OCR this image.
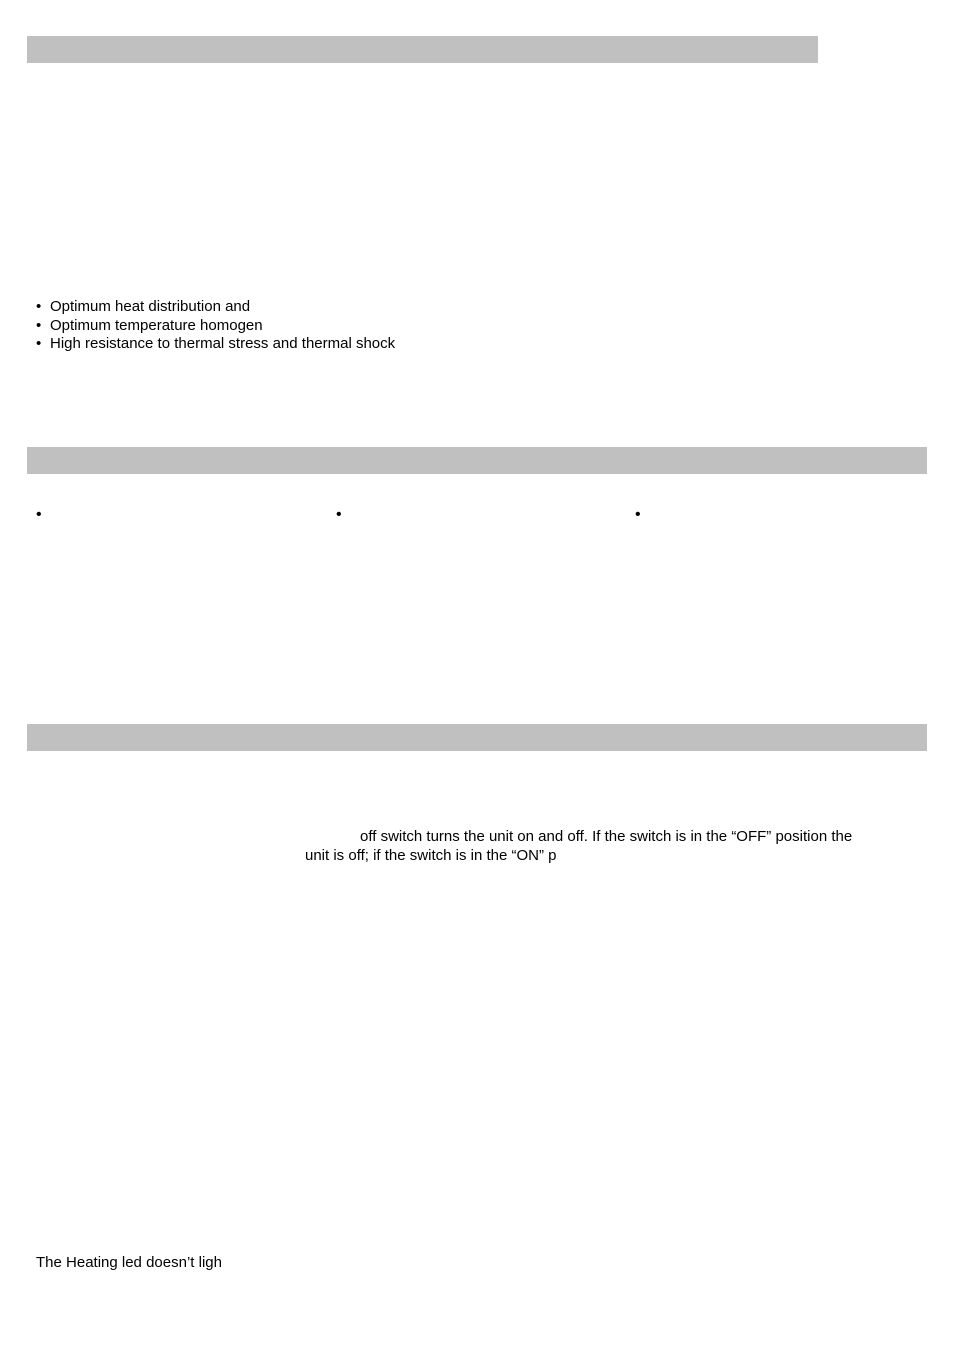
• Optimum heat distribution and
• Optimum temperature homogen
• High resistance to thermal stress and thermal shock
•
•
•
off switch turns the unit on and off. If the switch is in the “OFF” position the
unit is off; if the switch is in the “ON” p
The Heating led doesn’t ligh
